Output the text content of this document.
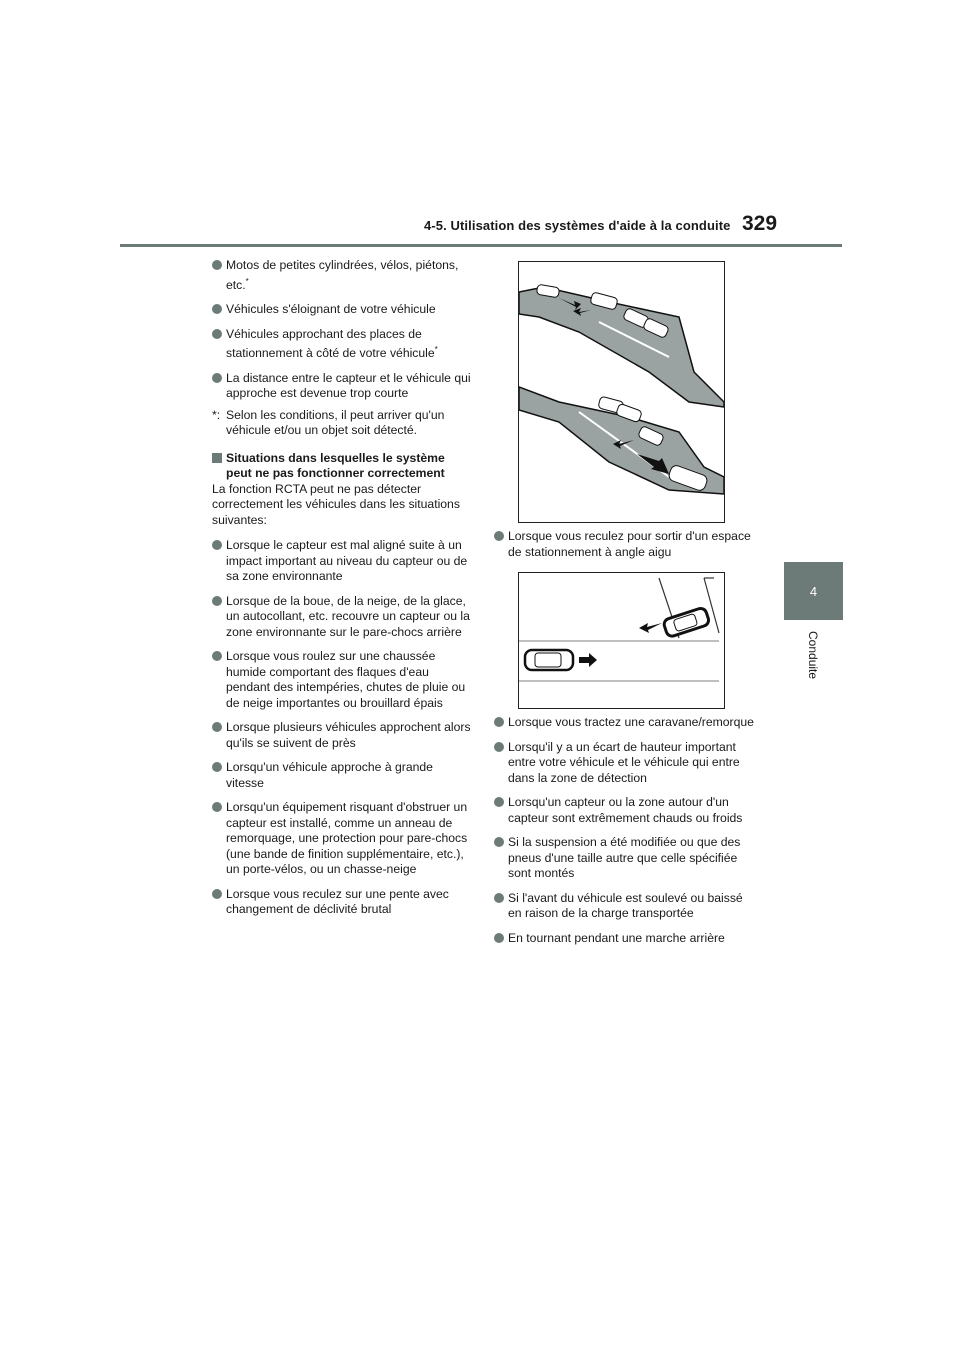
4-5. Utilisation des systèmes d'aide à la conduite 329
4
Conduite
Motos de petites cylindrées, vélos, piétons, etc.*
Véhicules s'éloignant de votre véhicule
Véhicules approchant des places de stationnement à côté de votre véhicule*
La distance entre le capteur et le véhicule qui approche est devenue trop courte
*: Selon les conditions, il peut arriver qu'un véhicule et/ou un objet soit détecté.
Situations dans lesquelles le système peut ne pas fonctionner correctement
La fonction RCTA peut ne pas détecter correctement les véhicules dans les situations suivantes:
Lorsque le capteur est mal aligné suite à un impact important au niveau du capteur ou de sa zone environnante
Lorsque de la boue, de la neige, de la glace, un autocollant, etc. recouvre un capteur ou la zone environnante sur le pare-chocs arrière
Lorsque vous roulez sur une chaussée humide comportant des flaques d'eau pendant des intempéries, chutes de pluie ou de neige importantes ou brouillard épais
Lorsque plusieurs véhicules approchent alors qu'ils se suivent de près
Lorsqu'un véhicule approche à grande vitesse
Lorsqu'un équipement risquant d'obstruer un capteur est installé, comme un anneau de remorquage, une protection pour pare-chocs (une bande de finition supplémentaire, etc.), un porte-vélos, ou un chasse-neige
Lorsque vous reculez sur une pente avec changement de déclivité brutal
Lorsque vous reculez pour sortir d'un espace de stationnement à angle aigu
Lorsque vous tractez une caravane/remorque
Lorsqu'il y a un écart de hauteur important entre votre véhicule et le véhicule qui entre dans la zone de détection
Lorsqu'un capteur ou la zone autour d'un capteur sont extrêmement chauds ou froids
Si la suspension a été modifiée ou que des pneus d'une taille autre que celle spécifiée sont montés
Si l'avant du véhicule est soulevé ou baissé en raison de la charge transportée
En tournant pendant une marche arrière
